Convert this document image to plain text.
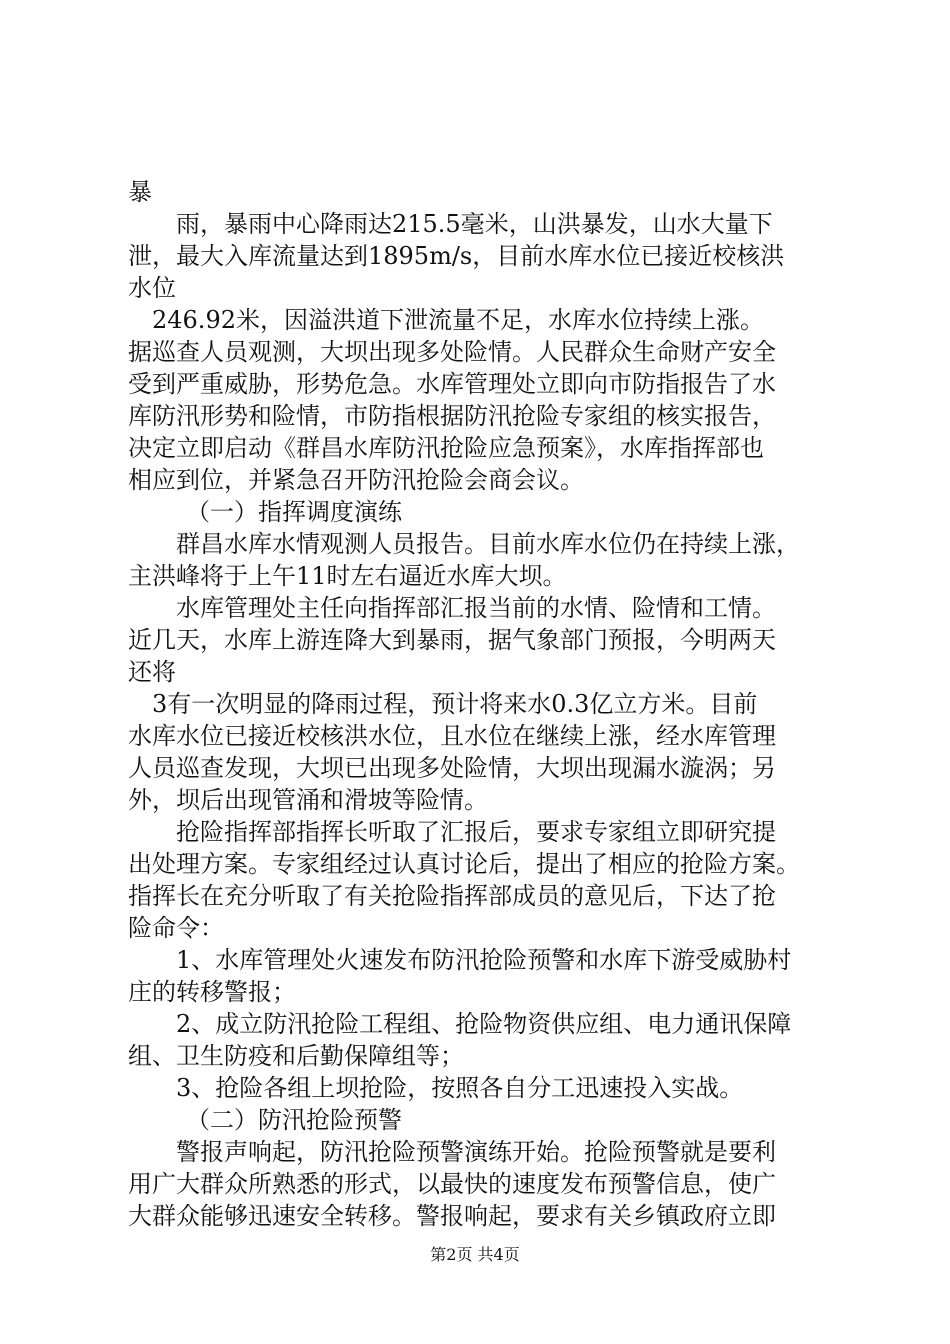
暴
雨，暴雨中心降雨达215.5毫米，山洪暴发，山水大量下
泄，最大入库流量达到1895m/s，目前水库水位已接近校核洪
水位
246.92米，因溢洪道下泄流量不足，水库水位持续上涨。
据巡查人员观测，大坝出现多处险情。人民群众生命财产安全
受到严重威胁，形势危急。水库管理处立即向市防指报告了水
库防汛形势和险情，市防指根据防汛抢险专家组的核实报告，
决定立即启动《群昌水库防汛抢险应急预案》，水库指挥部也
相应到位，并紧急召开防汛抢险会商会议。
（一）指挥调度演练
群昌水库水情观测人员报告。目前水库水位仍在持续上涨，
主洪峰将于上午11时左右逼近水库大坝。
水库管理处主任向指挥部汇报当前的水情、险情和工情。
近几天，水库上游连降大到暴雨，据气象部门预报，今明两天
还将
3有一次明显的降雨过程，预计将来水0.3亿立方米。目前
水库水位已接近校核洪水位，且水位在继续上涨，经水库管理
人员巡查发现，大坝已出现多处险情，大坝出现漏水漩涡；另
外，坝后出现管涌和滑坡等险情。
抢险指挥部指挥长听取了汇报后，要求专家组立即研究提
出处理方案。专家组经过认真讨论后，提出了相应的抢险方案。
指挥长在充分听取了有关抢险指挥部成员的意见后，下达了抢
险命令：
1、水库管理处火速发布防汛抢险预警和水库下游受威胁村
庄的转移警报；
2、成立防汛抢险工程组、抢险物资供应组、电力通讯保障
组、卫生防疫和后勤保障组等；
3、抢险各组上坝抢险，按照各自分工迅速投入实战。
（二）防汛抢险预警
警报声响起，防汛抢险预警演练开始。抢险预警就是要利
用广大群众所熟悉的形式，以最快的速度发布预警信息，使广
大群众能够迅速安全转移。警报响起，要求有关乡镇政府立即
第2页 共4页
